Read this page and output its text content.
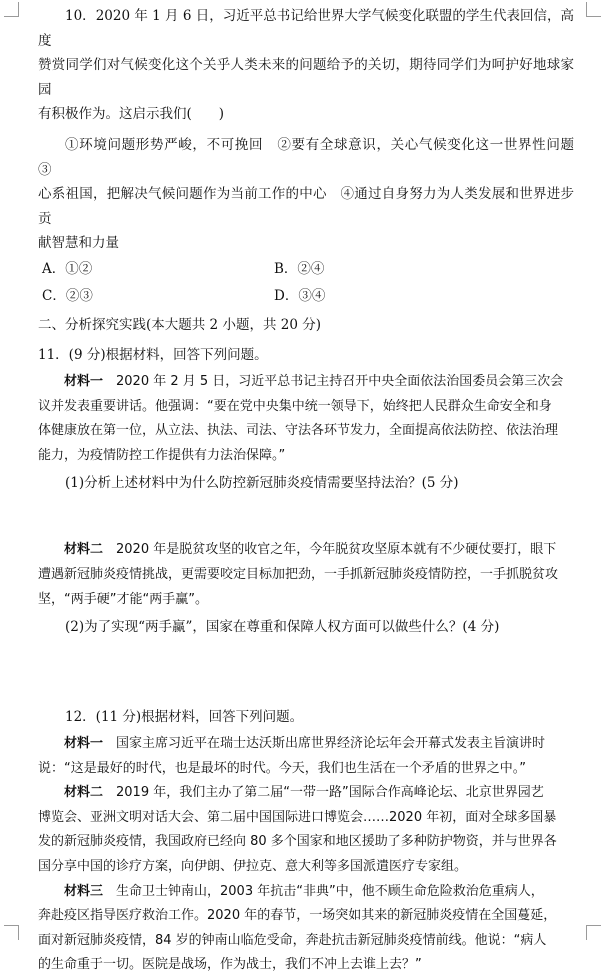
10．2020 年 1 月 6 日，习近平总书记给世界大学气候变化联盟的学生代表回信，高度

赞赏同学们对气候变化这个关乎人类未来的问题给予的关切，期待同学们为呵护好地球家园

有积极作为。这启示我们(　　)

①环境问题形势严峻，不可挽回　②要有全球意识，关心气候变化这一世界性问题　③

心系祖国，把解决气候问题作为当前工作的中心　④通过自身努力为人类发展和世界进步贡

献智慧和力量

A．①②	B．②④
C．②③	D．③④

二、分析探究实践(本大题共 2 小题，共 20 分)

11．(9 分)根据材料，回答下列问题。

材料一　2020 年 2 月 5 日，习近平总书记主持召开中央全面依法治国委员会第三次会

议并发表重要讲话。他强调：“要在党中央集中统一领导下，始终把人民群众生命安全和身

体健康放在第一位，从立法、执法、司法、守法各环节发力，全面提高依法防控、依法治理

能力，为疫情防控工作提供有力法治保障。”

(1)分析上述材料中为什么防控新冠肺炎疫情需要坚持法治？(5 分)

材料二　2020 年是脱贫攻坚的收官之年，今年脱贫攻坚原本就有不少硬仗要打，眼下

遭遇新冠肺炎疫情挑战，更需要咬定目标加把劲，一手抓新冠肺炎疫情防控，一手抓脱贫攻

坚，“两手硬”才能“两手赢”。

(2)为了实现“两手赢”，国家在尊重和保障人权方面可以做些什么？(4 分)

12．(11 分)根据材料，回答下列问题。

材料一　国家主席习近平在瑞士达沃斯出席世界经济论坛年会开幕式发表主旨演讲时

说：“这是最好的时代，也是最坏的时代。今天，我们也生活在一个矛盾的世界之中。”

材料二　2019 年，我们主办了第二届“一带一路”国际合作高峰论坛、北京世界园艺

博览会、亚洲文明对话大会、第二届中国国际进口博览会……2020 年初，面对全球多国暴

发的新冠肺炎疫情，我国政府已经向 80 多个国家和地区援助了多种防护物资，并与世界各

国分享中国的诊疗方案，向伊朗、伊拉克、意大利等多国派遣医疗专家组。

材料三　生命卫士钟南山，2003 年抗击“非典”中，他不顾生命危险救治危重病人，

奔赴疫区指导医疗救治工作。2020 年的春节，一场突如其来的新冠肺炎疫情在全国蔓延，

面对新冠肺炎疫情，84 岁的钟南山临危受命，奔赴抗击新冠肺炎疫情前线。他说：“病人

的生命重于一切。医院是战场，作为战士，我们不冲上去谁上去？”
